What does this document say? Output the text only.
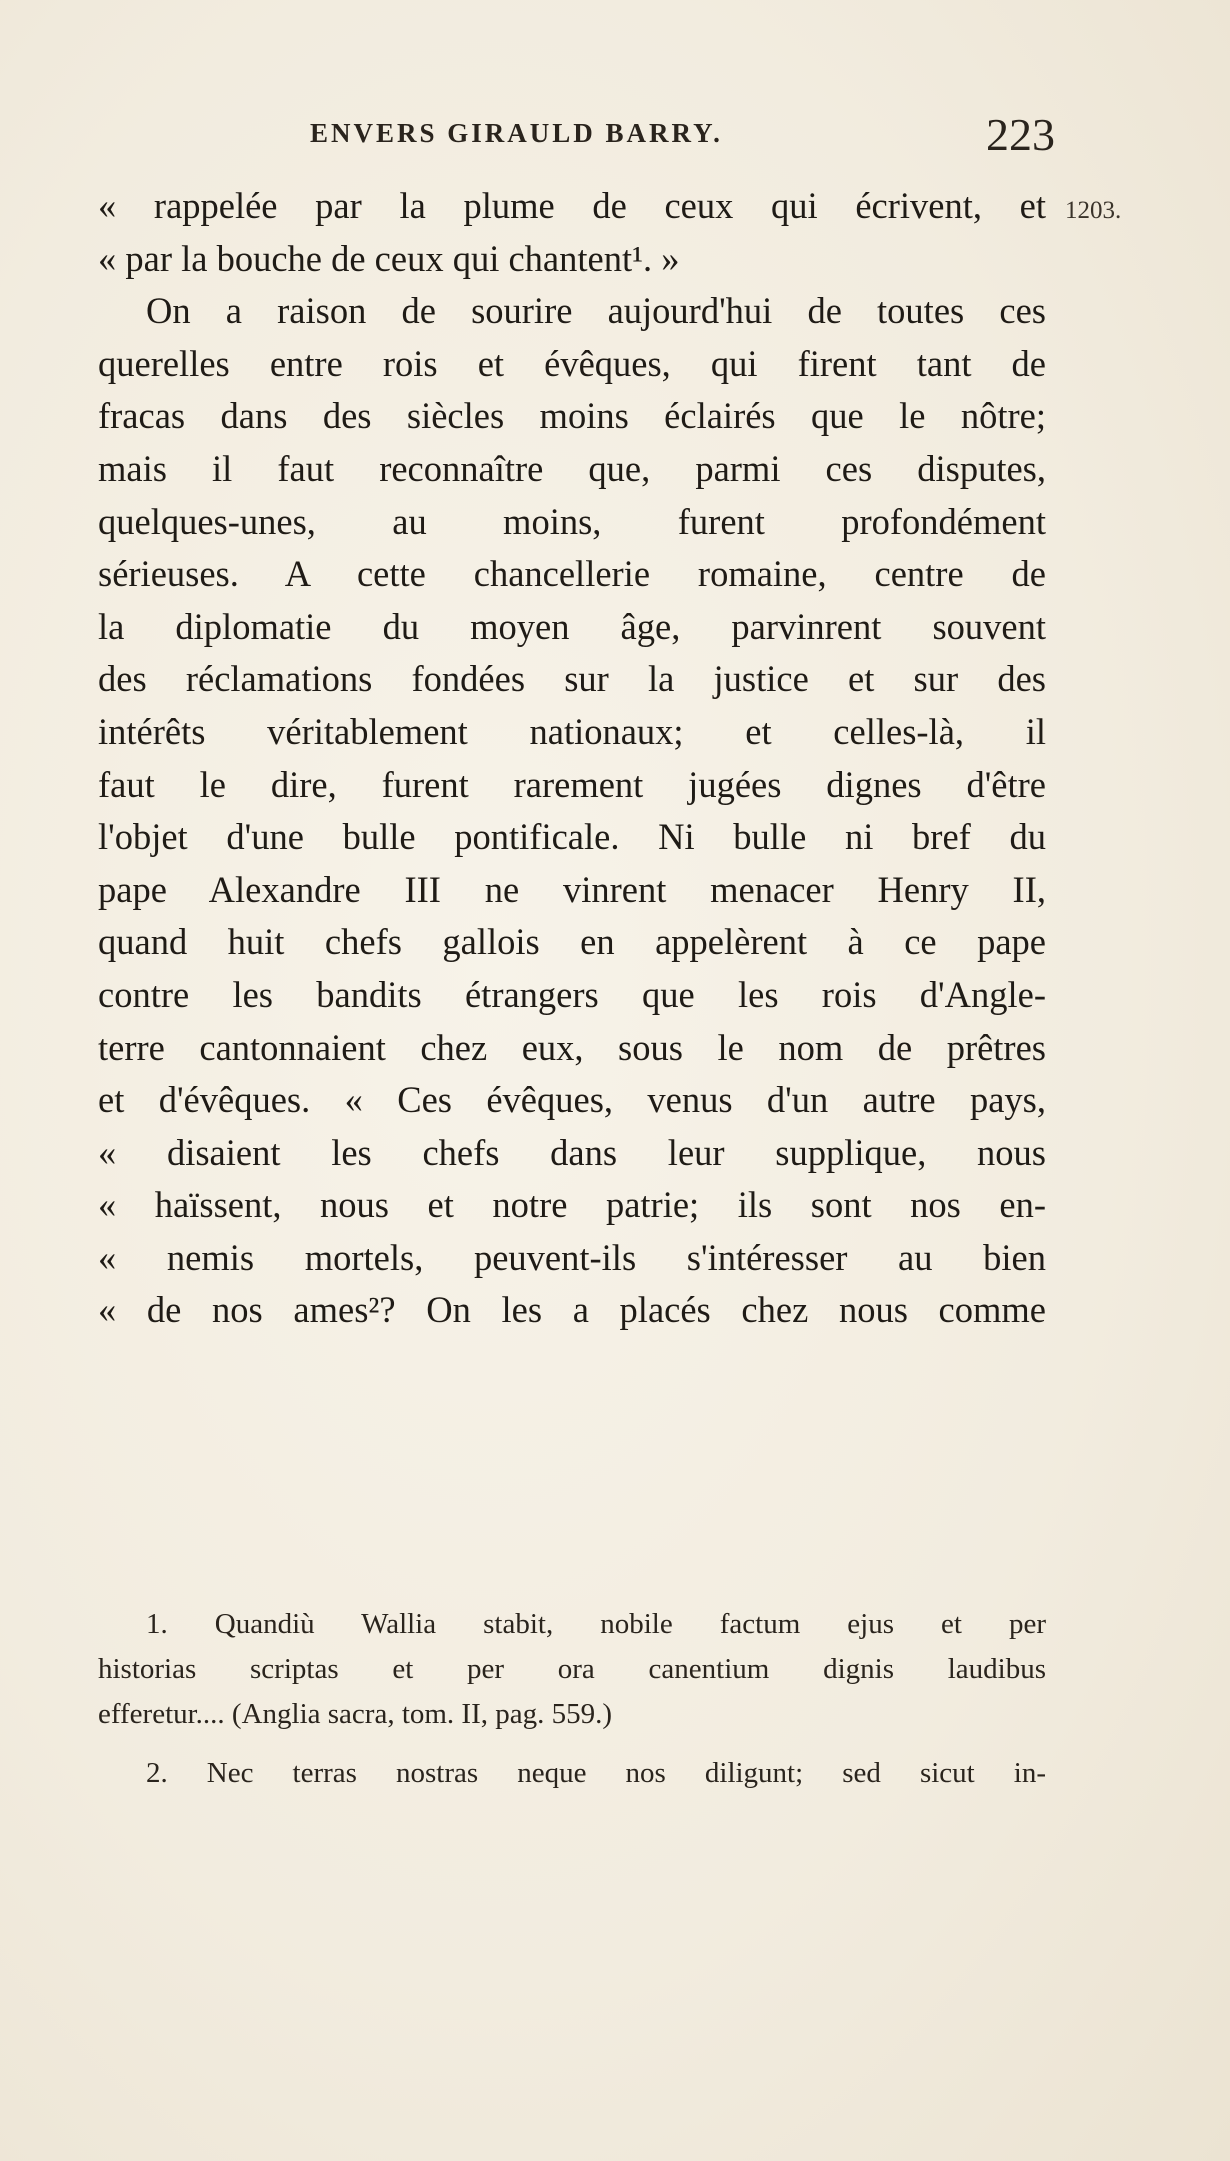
ENVERS GIRAULD BARRY.	223
1203.
« rappelée par la plume de ceux qui écrivent, et
« par la bouche de ceux qui chantent¹. »
On a raison de sourire aujourd'hui de toutes ces
querelles entre rois et évêques, qui firent tant de
fracas dans des siècles moins éclairés que le nôtre;
mais il faut reconnaître que, parmi ces disputes,
quelques-unes, au moins, furent profondément
sérieuses. A cette chancellerie romaine, centre de
la diplomatie du moyen âge, parvinrent souvent
des réclamations fondées sur la justice et sur des
intérêts véritablement nationaux; et celles-là, il
faut le dire, furent rarement jugées dignes d'être
l'objet d'une bulle pontificale. Ni bulle ni bref du
pape Alexandre III ne vinrent menacer Henry II,
quand huit chefs gallois en appelèrent à ce pape
contre les bandits étrangers que les rois d'Angle-
terre cantonnaient chez eux, sous le nom de prêtres
et d'évêques. « Ces évêques, venus d'un autre pays,
« disaient les chefs dans leur supplique, nous
« haïssent, nous et notre patrie; ils sont nos en-
« nemis mortels, peuvent-ils s'intéresser au bien
« de nos ames²? On les a placés chez nous comme
1. Quandiù Wallia stabit, nobile factum ejus et per
historias scriptas et per ora canentium dignis laudibus
efferetur.... (Anglia sacra, tom. II, pag. 559.)
2. Nec terras nostras neque nos diligunt; sed sicut in-
